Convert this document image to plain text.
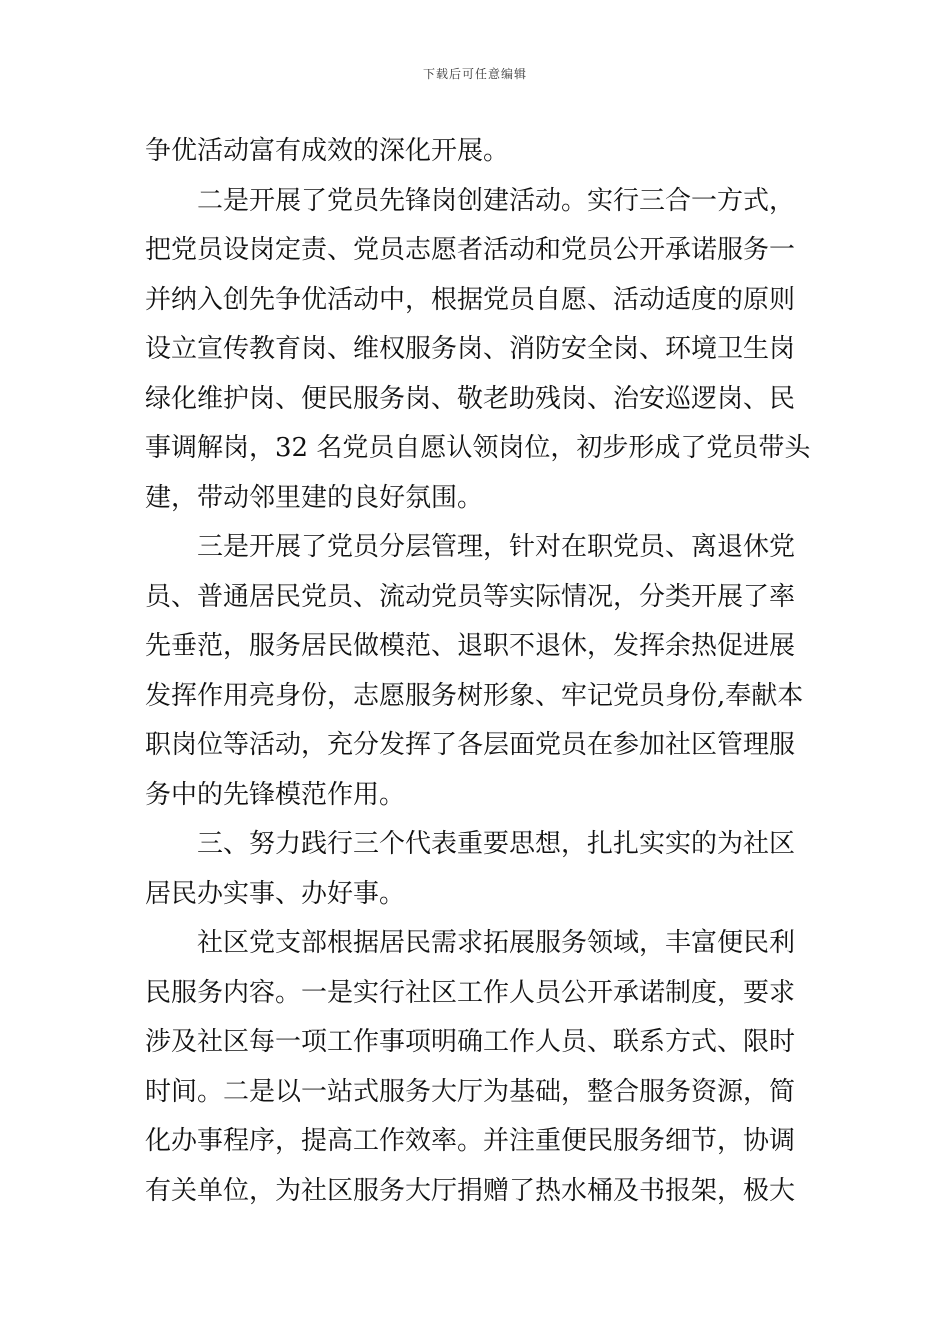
下载后可任意编辑
争优活动富有成效的深化开展。
　　二是开展了党员先锋岗创建活动。实行三合一方式，
把党员设岗定责、党员志愿者活动和党员公开承诺服务一
并纳入创先争优活动中，根据党员自愿、活动适度的原则
设立宣传教育岗、维权服务岗、消防安全岗、环境卫生岗
绿化维护岗、便民服务岗、敬老助残岗、治安巡逻岗、民
事调解岗，32 名党员自愿认领岗位，初步形成了党员带头
建，带动邻里建的良好氛围。
　　三是开展了党员分层管理，针对在职党员、离退休党
员、普通居民党员、流动党员等实际情况，分类开展了率
先垂范，服务居民做模范、退职不退休，发挥余热促进展
发挥作用亮身份，志愿服务树形象、牢记党员身份,奉献本
职岗位等活动，充分发挥了各层面党员在参加社区管理服
务中的先锋模范作用。
　　三、努力践行三个代表重要思想，扎扎实实的为社区
居民办实事、办好事。
　　社区党支部根据居民需求拓展服务领域，丰富便民利
民服务内容。一是实行社区工作人员公开承诺制度，要求
涉及社区每一项工作事项明确工作人员、联系方式、限时
时间。二是以一站式服务大厅为基础，整合服务资源，简
化办事程序，提高工作效率。并注重便民服务细节，协调
有关单位，为社区服务大厅捐赠了热水桶及书报架，极大
